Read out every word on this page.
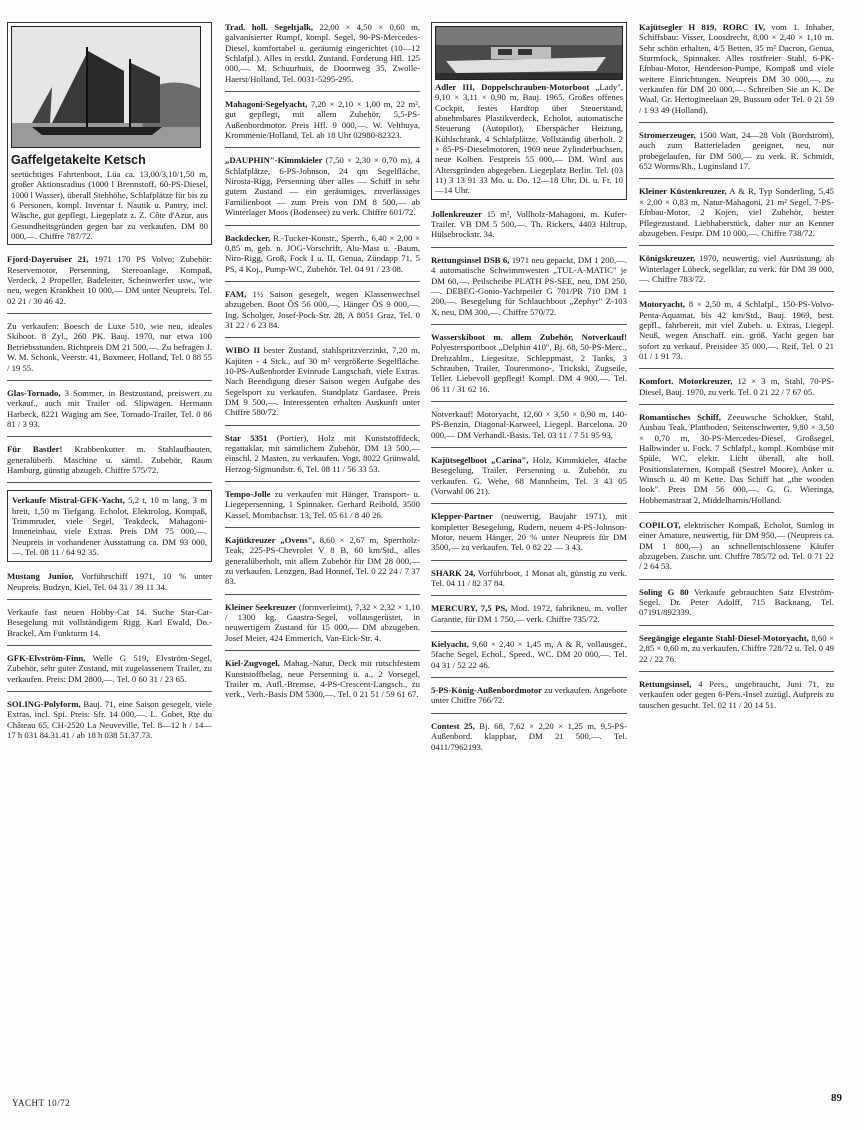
Gaffelgetakelte Ketsch
seetüchtiges Fahrtenboot, Lüa ca. 13,00/3,10/1,50 m, großer Aktionsradius (1000 l Brennstoff, 60-PS-Diesel, 1000 l Wasser), überall Stehhöhe, Schlafplätze für bis zu 6 Personen, kompl. Inventar f. Nautik u. Pantry, incl. Wäsche, gut gepflegt, Liegeplatz z. Z. Côte d'Azur, aus Gesundheitsgründen gegen bar zu verkaufen. DM 80 000,—. Chiffre 787/72.
Fjord-Dayeruiser 21, 1971 170 PS Volvo; Zubehör: Reservemotor, Persenning, Stereoanlage, Kompaß, Verdeck, 2 Propeller, Badeleiter, Scheinwerfer usw., wie neu, wegen Krankheit 10 000,— DM unter Neupreis. Tel. 02 21 / 30 46 42.
Zu verkaufen: Boesch de Luxe 510, wie neu, ideales Skiboot. 8 Zyl., 260 PK. Bauj. 1970, nur etwa 100 Betriebsstunden. Richtpreis DM 21 500,—. Zu befragen J. W. M. Schonk, Veerstr. 41, Boxmeer, Holland, Tel. 0 88 55 / 19 55.
Glas-Tornado, 3 Sommer, in Bestzustand, preiswert zu verkauf., auch mit Trailer od. Slipwagen. Hermann Harbeck, 8221 Waging am See, Tornado-Trailer, Tel. 0 86 81 / 3 93.
Für Bastler! Krabbenkutter m. Stahlaufbauten, generalüberh. Maschine u. sämtl. Zubehör, Raum Hamburg, günstig abzugeb. Chiffre 575/72.
Verkaufe Mistral-GFK-Yacht, 5,2 t, 10 m lang, 3 m breit, 1,50 m Tiefgang. Echolot, Elektrolog, Kompaß, Trimmruder, viele Segel, Teakdeck, Mahagoni-Inneneinbau, viele Extras. Preis DM 75 000,—. Neupreis in vorhandener Ausstattung ca. DM 93 000,—. Tel. 08 11 / 64 92 35.
Mustang Junior, Vorführschiff 1971, 10 % unter Neupreis. Budzyn, Kiel, Tel. 04 31 / 39 11 34.
Verkaufe fast neuen Hobby-Cat 14. Suche Star-Cat-Besegelung mit vollständigem Rigg. Karl Ewald, Do.-Brackel, Am Funkturm 14.
GFK-Elvström-Finn, Welle G 519, Elvström-Segel, Zubehör, sehr guter Zustand, mit zugelassenem Trailer, zu verkaufen. Preis: DM 2800,—. Tel. 0 60 31 / 23 65.
SOLING-Polyform, Bauj. 71, eine Saison gesegelt, viele Extras, incl. Spi. Preis: Sfr. 14 000,—. L. Gobet, Rte du Château 65, CH-2520 La Neuveville, Tel. 8—12 h / 14—17 h 031 84.31.41 / ab 18 h 038 51.37.73.
Trad. holl. Segeltjalk, 22,00 × 4,50 × 0,60 m, galvanisierter Rumpf, kompl. Segel, 90-PS-Mercedes-Diesel, komfortabel u. geräumig eingerichtet (10—12 Schlafpl.). Alles in erstkl. Zustand. Forderung Hfl. 125 000,—. M. Schuurhuis, de Doornweg 35, Zwolle-Haerst/Holland, Tel. 0031-5295-295.
Mahagoni-Segelyacht, 7,20 × 2,10 × 1,00 m, 22 m², gut gepflegt, mit allem Zubehör, 5,5-PS-Außenbordmotor. Preis Hfl. 9 000,—. W. Velthuya, Krommenie/Holland, Tel. ab 18 Uhr 02980-82323.
„DAUPHIN"-Kimmkieler (7,50 × 2,30 × 0,70 m), 4 Schlafplätze, 6-PS-Johnson, 24 qm Segelfläche, Nirosta-Rigg, Persenning über alles — Schiff in sehr gutem Zustand — ein geräumiges, zuverlässiges Familienboot — zum Preis von DM 8 500,— ab Winterlager Moos (Bodensee) zu verk. Chiffre 601/72.
Backdecker, R.-Tucker-Konstr., Sperrh., 6,40 × 2,00 × 0,85 m, geb. n. JOG-Vorschrift, Alu-Mast u. -Baum, Niro-Rigg, Groß, Fock I u. II, Genua, Zündapp 71, 5 PS, 4 Koj., Pump-WC, Zubehör. Tel. 04 91 / 23 08.
FAM, 1½ Saison gesegelt, wegen Klassenwechsel abzugeben. Boot ÖS 56 000,—, Hänger ÖS 9 000,—. Ing. Scholger, Josef-Pock-Str. 28, A 8051 Graz, Tel. 0 31 22 / 6 23 84.
WIBO II bester Zustand, stahlspritzverzinkt, 7,20 m, Kajüten - 4 Stck., auf 30 m² vergrößerte Segelfläche. 10-PS-Außenborder Evinrude Langschaft, viele Extras. Nach Beendigung dieser Saison wegen Aufgabe des Segelsport zu verkaufen. Standplatz Gardasee. Preis DM 9 500,—. Interessenten erhalten Auskunft unter Chiffre 580/72.
Star 5351 (Portier), Holz mit Kunststoffdeck, regattaklar, mit sämtlichem Zubehör, DM 13 500,— einschl. 2 Masten, zu verkaufen. Vogt, 8022 Grünwald, Herzog-Sigmundstr. 6, Tel. 08 11 / 56 33 53.
Tempo-Jolle zu verkaufen mit Hänger, Transport- u. Liegepersenning, 1 Spinnaker. Gerhard Reibold, 3500 Kassel, Mombachstr. 13, Tel. 05 61 / 8 40 26.
Kajütkreuzer „Ovens", 8,60 × 2,67 m, Sperrholz-Teak, 225-PS-Chevrolet V 8 B, 60 km/Std., alles generalüberholt, mit allem Zubehör für DM 28 000,— zu verkaufen. Lenzgen, Bad Honnef, Tel. 0 22 24 / 7 37 83.
Kleiner Seekreuzer (formverleimt), 7,32 × 2,32 × 1,10 / 1300 kg, Gaastra-Segel, vollausgerüstet, in neuwertigem Zustand für 15 000,— DM abzugeben. Josef Meier, 424 Emmerich, Van-Eick-Str. 4.
Kiel-Zugvogel, Mahag.-Natur, Deck mit rutschfestem Kunststoffbelag, neue Persenning ü. a., 2 Vorsegel, Trailer m. Aufl.-Bremse, 4-PS-Crescent-Langsch., zu verk., Verh.-Basis DM 5300,—. Tel. 0 21 51 / 59 61 67.
Adler III, Doppelschrauben-Motorboot „Lady", 9,10 × 3,11 × 0,90 m, Bauj. 1965. Großes offenes Cockpit, festes Hardtop über Steuerstand, abnehmbares Plastikverdeck, Echolot, automatische Steuerung (Autopilot), Eberspächer Heizung, Kühlschrank, 4 Schlafplätze. Vollständig überholt. 2 × 85-PS-Dieselmotoren, 1969 neue Zylinderbuchsen, neue Kolben. Festpreis 55 000,— DM. Wird aus Altersgründen abgegeben. Liegeplatz Berlin. Tel. (03 11) 3 13 91 33 Mo. u. Do. 12—18 Uhr, Di. u. Fr. 10—14 Uhr.
Jollenkreuzer 15 m², Vollholz-Mahagoni, m. Kufer-Trailer. VB DM 5 500,—. Th. Rickers, 4403 Hiltrup, Hülsebrockstr. 34.
Rettungsinsel DSB 6, 1971 neu gepackt, DM 1 200,—. 4 automatische Schwimmwesten „TUL-A-MATIC" je DM 60,—. Peilscheibe PLATH PS-SEE, neu, DM 250,—. DEBEG-Gonio-Yachtpeiler G 701/PR 710 DM 1 200,—. Besegelung für Schlauchboot „Zephyr" Z-103 X, neu, DM 300,—. Chiffre 570/72.
Wasserskiboot m. allem Zubehör, Notverkauf! Polyestersportboot „Delphin 410", Bj. 68, 50-PS-Merc., Drehzahlm., Liegesitze, Schleppmast, 2 Tanks, 3 Schrauben, Trailer, Tourenmono-, Trickski, Zugseile, Teller. Liebevoll gepflegt! Kompl. DM 4 900,—. Tel. 06 11 / 31 62 16.
Notverkauf! Motoryacht, 12,60 × 3,50 × 0,90 m, 140-PS-Benzin, Diagonal-Karweel, Liegepl. Barcelona. 20 000,— DM Verhandl.-Basis. Tel. 03 11 / 7 51 95 93.
Kajütsegelboot „Carina", Holz, Kimmkieler, 4fache Besegelung, Trailer, Persenning u. Zubehör, zu verkaufen. G. Wehe, 68 Mannheim, Tel. 3 43 05 (Vorwahl 06 21).
Klepper-Partner (neuwertig, Baujahr 1971), mit kompletter Besegelung, Rudern, neuem 4-PS-Johnson-Motor, neuem Hänger, 20 % unter Neupreis für DM 3500,— zu verkaufen. Tel. 0 82 22 — 3 43.
SHARK 24, Vorführboot, 1 Monat alt, günstig zu verk. Tel. 04 11 / 82 37 84.
MERCURY, 7,5 PS, Mod. 1972, fabrikneu, m. voller Garantie, für DM 1 750,— verk. Chiffre 735/72.
Kielyacht, 9,60 × 2,40 × 1,45 m, A & R, vollausger., 5fache Segel, Echol., Speed., WC. DM 20 000,—. Tel. 04 31 / 52 22 46.
5-PS-König-Außenbordmotor zu verkaufen. Angebote unter Chiffre 766/72.
Contest 25, Bj. 68, 7,62 × 2,20 × 1,25 m, 9,5-PS-Außenbord. klappbar, DM 21 500,—. Tel. 0411/7962193.
Kajütsegler H 819, RORC IV, vom 1. Inhaber, Schiffsbau: Visser, Loosdrecht, 8,00 × 2,40 × 1,10 m. Sehr schön erhalten, 4/5 Betten, 35 m² Dacron, Genua, Sturmfock, Spinnaker. Alles rostfreier Stahl, 6-PK-Einbau-Motor, Henderson-Pumpe, Kompaß und viele weitere Einrichtungen. Neupreis DM 30 000,—, zu verkaufen für DM 20 000,—. Schreiben Sie an K. De Waal, Gr. Hertogineelaan 29, Bussum oder Tel. 0 21 59 / 1 93 49 (Holland).
Stromerzeuger, 1500 Watt, 24—28 Volt (Bordstrom), auch zum Batterieladen geeignet, neu, nur probegelaufen, für DM 500,— zu verk. R. Schmidt, 652 Worms/Rh., Luginsland 17.
Kleiner Küstenkreuzer, A & R, Typ Sonderling, 5,45 × 2,00 × 0,83 m, Natur-Mahagoni, 21 m² Segel, 7-PS-Einbau-Motor, 2 Kojen, viel Zubehör, bester Pflegezustand. Liebhaberstück, daher nur an Kenner abzugeben. Festpr. DM 10 000,—. Chiffre 738/72.
Königskreuzer, 1970, neuwertig, viel Ausrüstung, ab Winterlager Lübeck, segelklar, zu verk. für DM 39 000,—. Chiffre 783/72.
Motoryacht, 8 × 2,50 m, 4 Schlafpl., 150-PS-Volvo-Penta-Aquamat, bis 42 km/Std., Bauj. 1969, best. gepfl., fahrbereit, mit viel Zubeh. u. Extras, Liegepl. Neuß, wegen Anschaff. ein. größ. Yacht gegen bar sofort zu verkauf. Preisidee 35 000,—. Reif, Tel. 0 21 01 / 1 91 73.
Komfort. Motorkreuzer, 12 × 3 m, Stahl, 70-PS-Diesel, Bauj. 1970, zu verk. Tel. 0 21 22 / 7 67 05.
Romantisches Schiff, Zeeuwsche Schokker, Stahl, Ausbau Teak, Plattboden, Seitenschwerter, 9,80 × 3,50 × 0,70 m, 30-PS-Mercedes-Diesel, Großsegel, Halbwinder u. Fock. 7 Schlafpl., kompl. Kombüse mit Spüle, WC, elektr. Licht überall, alte holl. Positionslaternen, Kompaß (Sestrel Moore), Anker u. Winsch u. 40 m Kette. Das Schiff hat „the wooden look". Preis DM 56 000,—. G. G. Wieringa, Hobbemastraat 2, Middelharnis/Holland.
COPILOT, elektrischer Kompaß, Echolot, Sumlog in einer Amature, neuwertig, für DM 950,— (Neupreis ca. DM 1 800,—) an schnellentschlossene Käufer abzugeben. Zuschr. unt. Chiffre 785/72 od. Tel. 0 71 22 / 2 64 53.
Soling G 80 Verkaufe gebrauchten Satz Elvström-Segel. Dr. Peter Adolff, 715 Backnang, Tel. 07191/892339.
Seegängige elegante Stahl-Diesel-Motoryacht, 8,60 × 2,85 × 0,60 m, zu verkaufen. Chiffre 728/72 u. Tel. 0 49 22 / 22 76.
Rettungsinsel, 4 Pers., ungebraucht, Juni 71, zu verkaufen oder gegen 6-Pers.-Insel zuzügl. Aufpreis zu tauschen gesucht. Tel. 02 11 / 20 14 51.
YACHT 10/72	89
